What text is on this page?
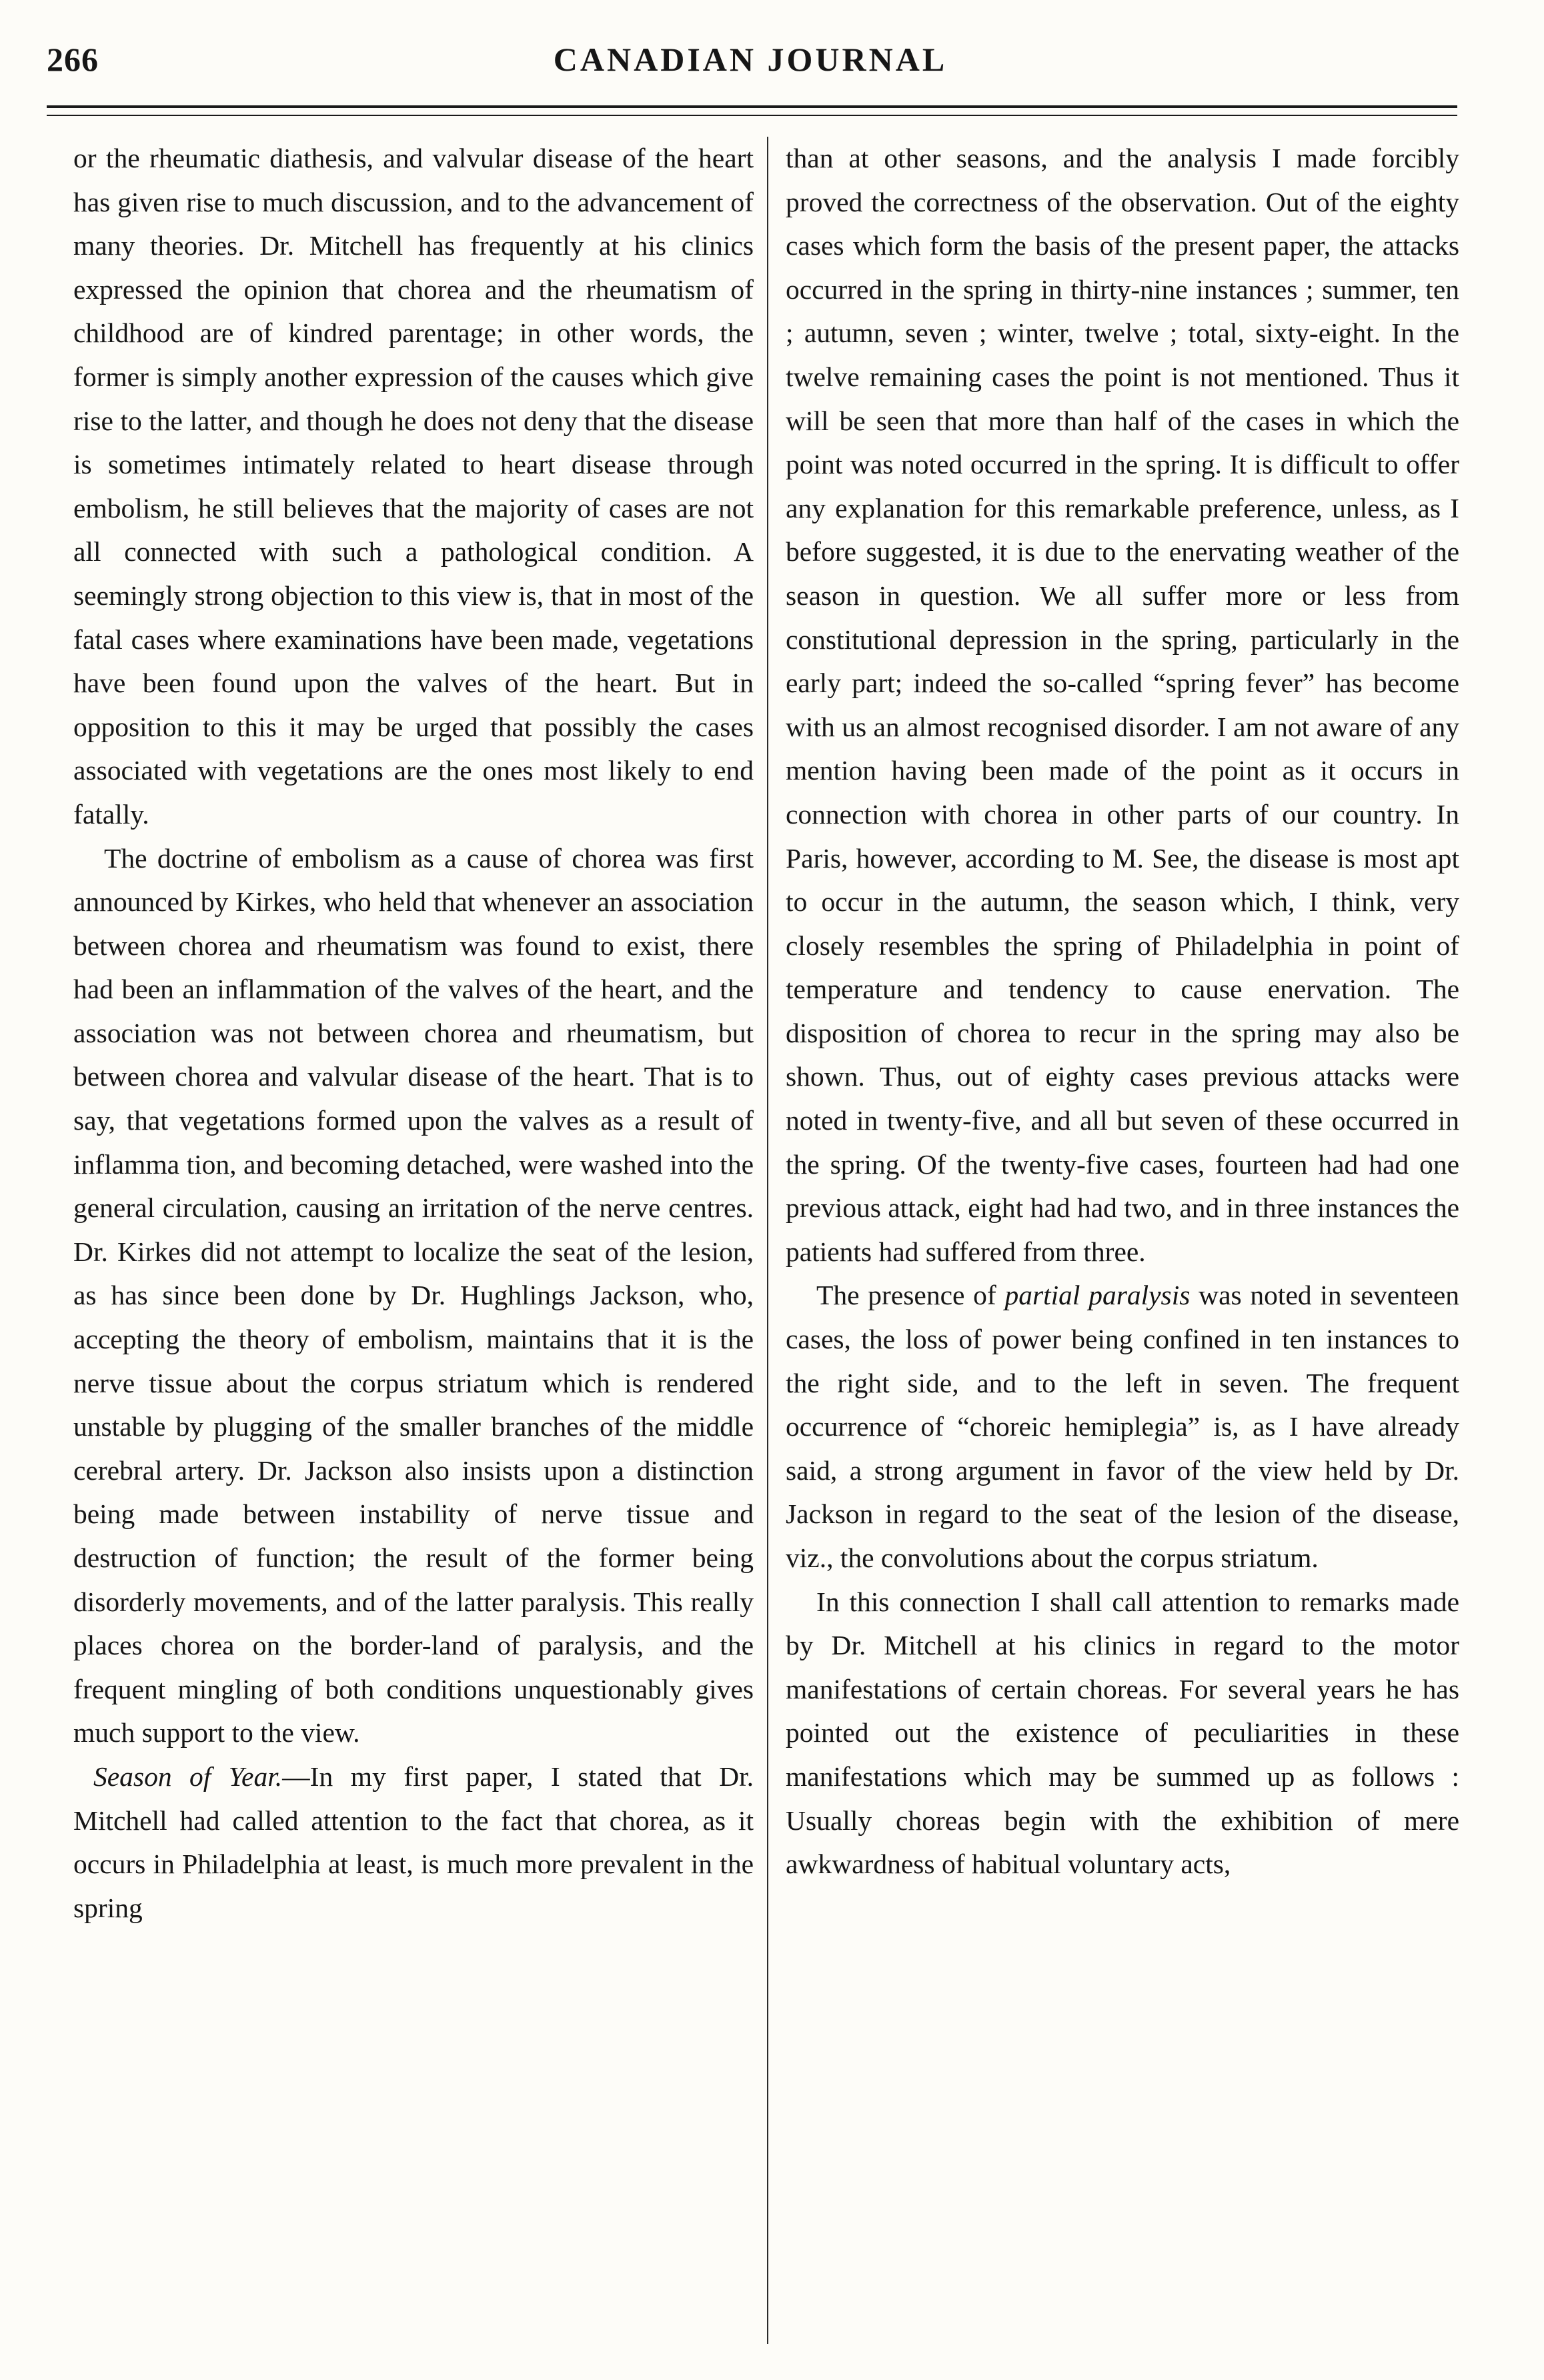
266	CANADIAN JOURNAL

or the rheumatic diathesis, and valvular disease of the heart has given rise to much discussion, and to the advancement of many theories. Dr. Mitchell has frequently at his clinics expressed the opinion that chorea and the rheumatism of childhood are of kindred parentage; in other words, the former is simply another expression of the causes which give rise to the latter, and though he does not deny that the disease is sometimes intimately related to heart disease through embolism, he still believes that the majority of cases are not all connected with such a pathological condition. A seemingly strong objection to this view is, that in most of the fatal cases where examinations have been made, vegetations have been found upon the valves of the heart. But in opposition to this it may be urged that possibly the cases associated with vegetations are the ones most likely to end fatally.

The doctrine of embolism as a cause of chorea was first announced by Kirkes, who held that whenever an association between chorea and rheumatism was found to exist, there had been an inflammation of the valves of the heart, and the association was not between chorea and rheumatism, but between chorea and valvular disease of the heart. That is to say, that vegetations formed upon the valves as a result of inflamma tion, and becoming detached, were washed into the general circulation, causing an irritation of the nerve centres. Dr. Kirkes did not attempt to localize the seat of the lesion, as has since been done by Dr. Hughlings Jackson, who, accepting the theory of embolism, maintains that it is the nerve tissue about the corpus striatum which is rendered unstable by plugging of the smaller branches of the middle cerebral artery. Dr. Jackson also insists upon a distinction being made between instability of nerve tissue and destruction of function; the result of the former being disorderly movements, and of the latter paralysis. This really places chorea on the border-land of paralysis, and the frequent mingling of both conditions unquestionably gives much support to the view.

Season of Year.—In my first paper, I stated that Dr. Mitchell had called attention to the fact that chorea, as it occurs in Philadelphia at least, is much more prevalent in the spring

than at other seasons, and the analysis I made forcibly proved the correctness of the observation. Out of the eighty cases which form the basis of the present paper, the attacks occurred in the spring in thirty-nine instances ; summer, ten ; autumn, seven ; winter, twelve ; total, sixty-eight. In the twelve remaining cases the point is not mentioned. Thus it will be seen that more than half of the cases in which the point was noted occurred in the spring. It is difficult to offer any explanation for this remarkable preference, unless, as I before suggested, it is due to the enervating weather of the season in question. We all suffer more or less from constitutional depression in the spring, particularly in the early part; indeed the so-called “spring fever” has become with us an almost recognised disorder. I am not aware of any mention having been made of the point as it occurs in connection with chorea in other parts of our country. In Paris, however, according to M. See, the disease is most apt to occur in the autumn, the season which, I think, very closely resembles the spring of Philadelphia in point of temperature and tendency to cause enervation. The disposition of chorea to recur in the spring may also be shown. Thus, out of eighty cases previous attacks were noted in twenty-five, and all but seven of these occurred in the spring. Of the twenty-five cases, fourteen had had one previous attack, eight had had two, and in three instances the patients had suffered from three.

The presence of partial paralysis was noted in seventeen cases, the loss of power being confined in ten instances to the right side, and to the left in seven. The frequent occurrence of “choreic hemiplegia” is, as I have already said, a strong argument in favor of the view held by Dr. Jackson in regard to the seat of the lesion of the disease, viz., the convolutions about the corpus striatum.

In this connection I shall call attention to remarks made by Dr. Mitchell at his clinics in regard to the motor manifestations of certain choreas. For several years he has pointed out the existence of peculiarities in these manifestations which may be summed up as follows : Usually choreas begin with the exhibition of mere awkwardness of habitual voluntary acts,
